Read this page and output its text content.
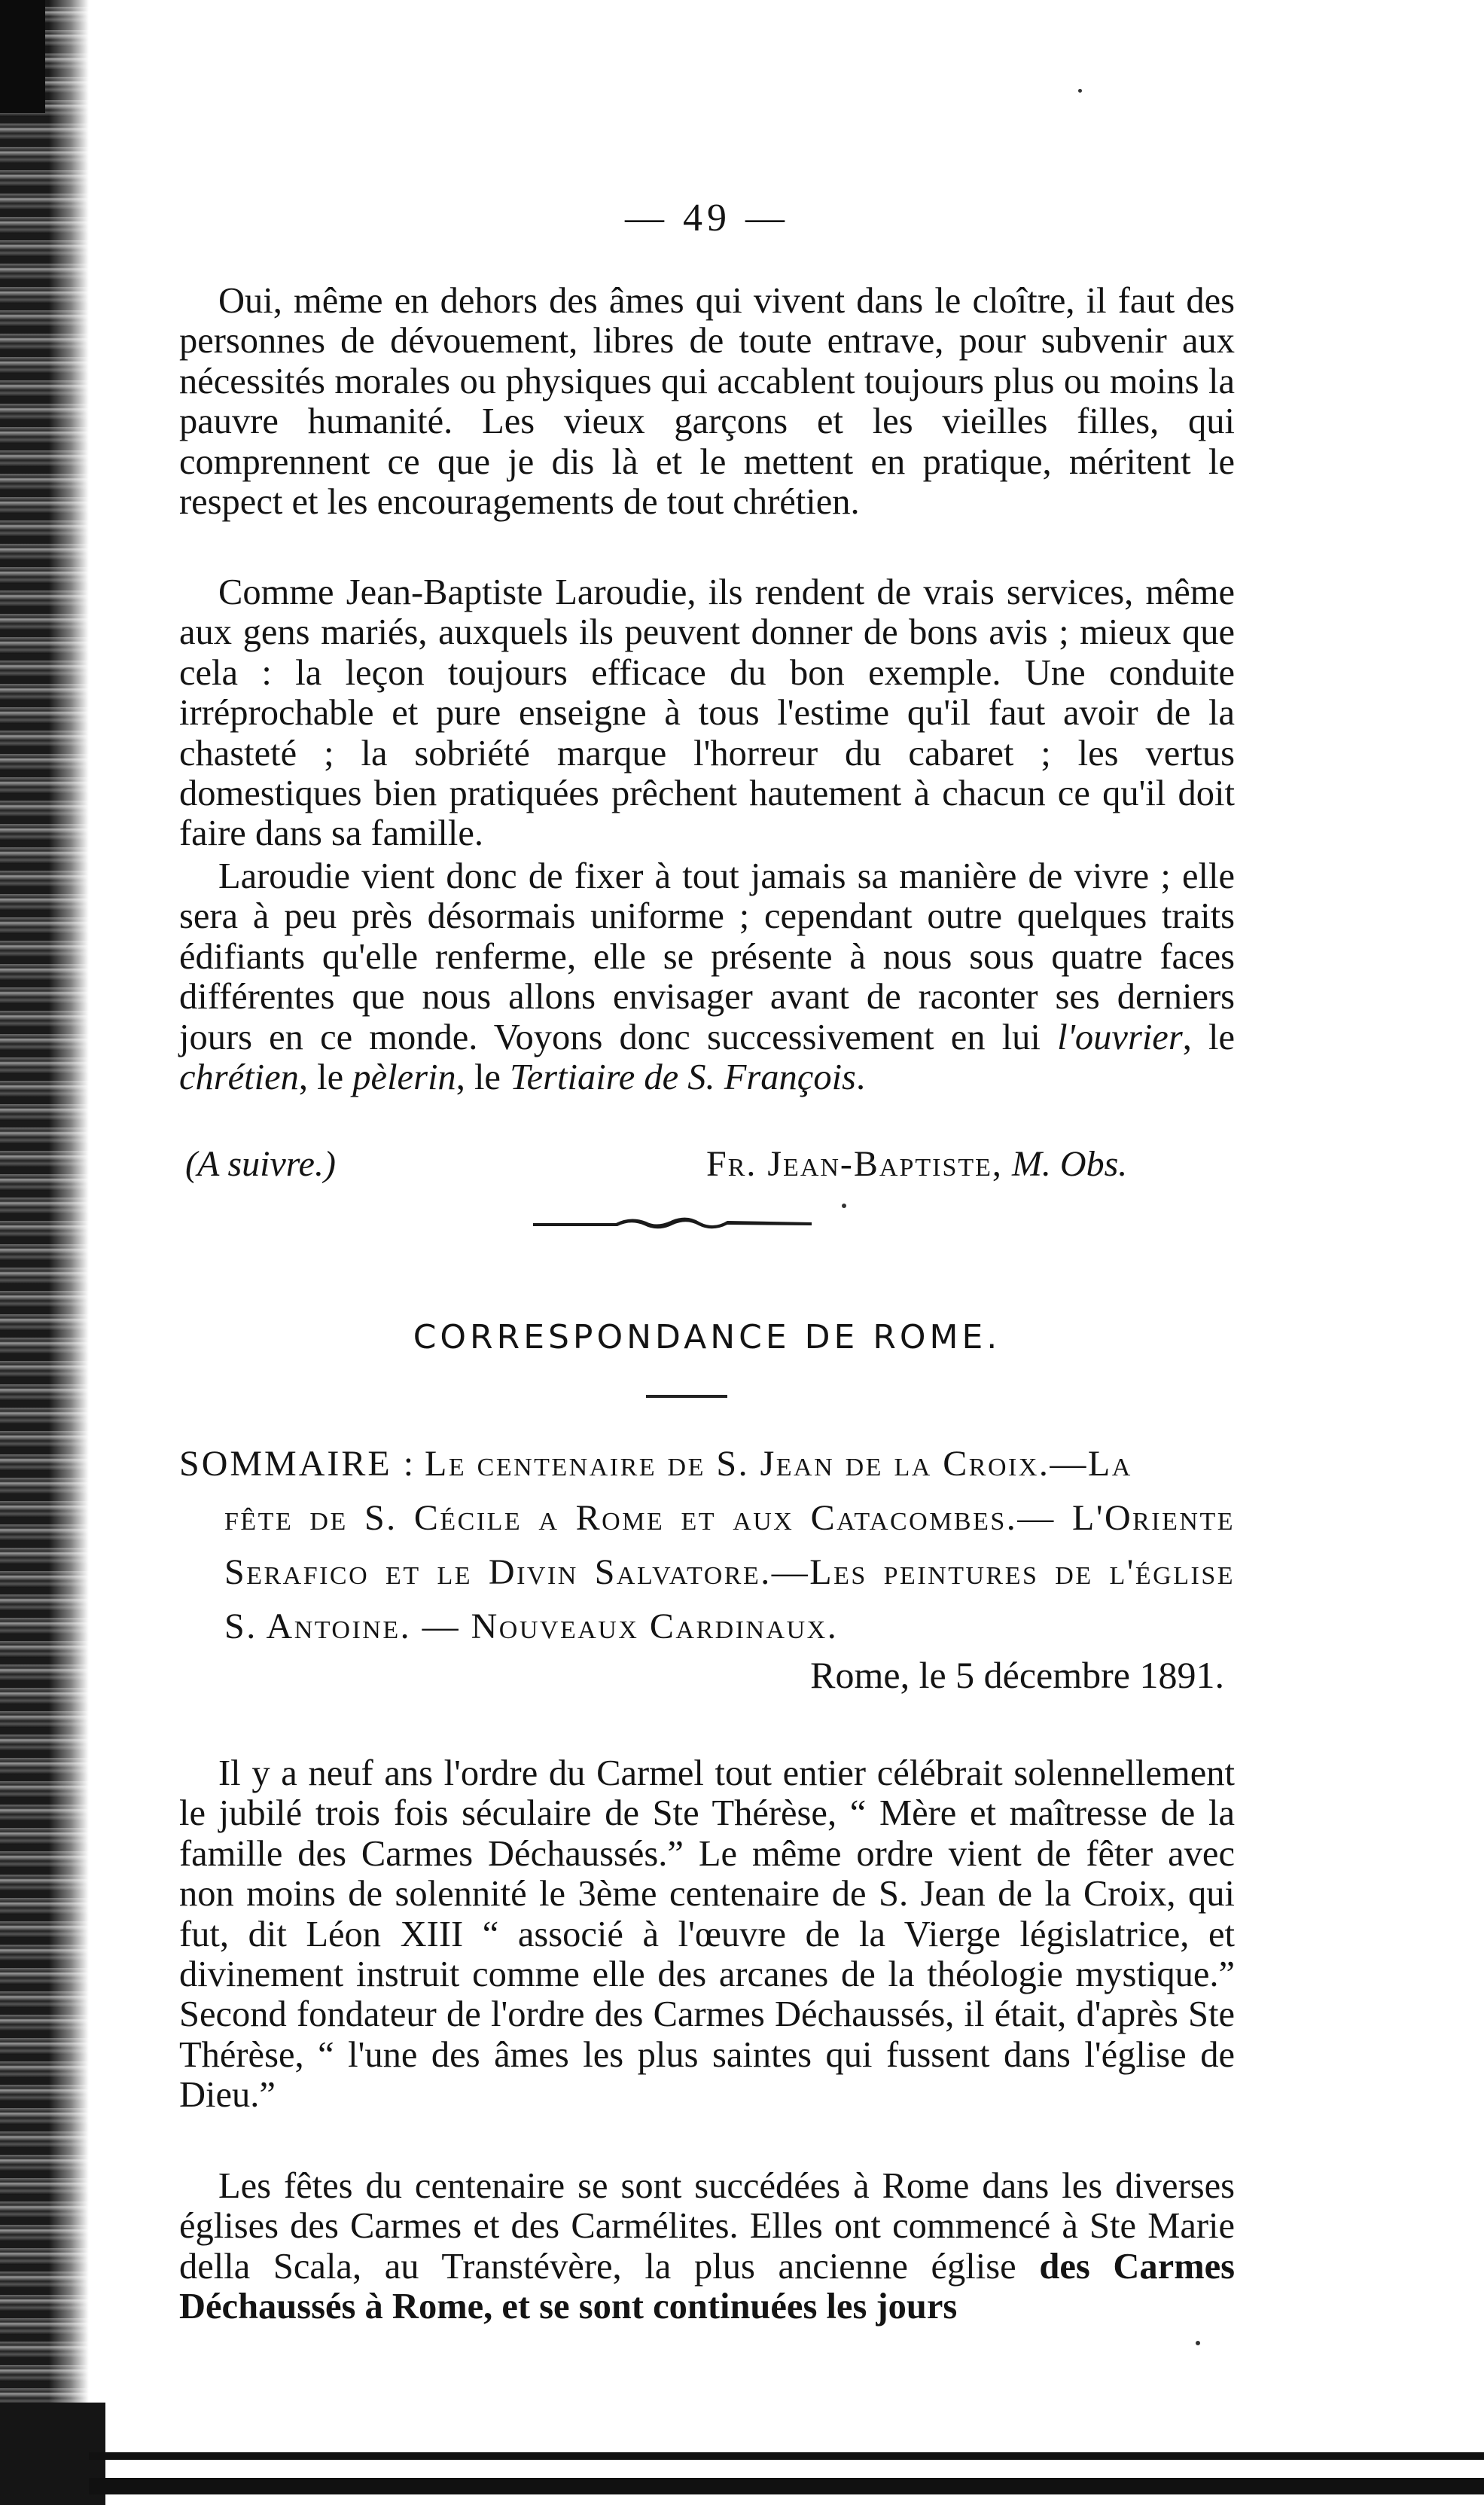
— 49 —

Oui, même en dehors des âmes qui vivent dans le cloître, il faut des personnes de dévouement, libres de toute entrave, pour subvenir aux nécessités morales ou physiques qui accablent toujours plus ou moins la pauvre humanité. Les vieux garçons et les vieilles filles, qui comprennent ce que je dis là et le mettent en pratique, méritent le respect et les encouragements de tout chrétien.

Comme Jean-Baptiste Laroudie, ils rendent de vrais services, même aux gens mariés, auxquels ils peuvent donner de bons avis ; mieux que cela : la leçon toujours efficace du bon exemple. Une conduite irréprochable et pure enseigne à tous l'estime qu'il faut avoir de la chasteté ; la sobriété marque l'horreur du cabaret ; les vertus domestiques bien pratiquées prêchent hautement à chacun ce qu'il doit faire dans sa famille.

Laroudie vient donc de fixer à tout jamais sa manière de vivre ; elle sera à peu près désormais uniforme ; cependant outre quelques traits édifiants qu'elle renferme, elle se présente à nous sous quatre faces différentes que nous allons envisager avant de raconter ses derniers jours en ce monde. Voyons donc successivement en lui l'ouvrier, le chrétien, le pèlerin, le Tertiaire de S. François.

(A suivre.)	Fr. Jean-Baptiste, M. Obs.
CORRESPONDANCE DE ROME.
SOMMAIRE : Le centenaire de S. Jean de la Croix.—La
fête de S. Cécile a Rome et aux Catacombes.— L'Oriente Serafico et le Divin Salvatore.—Les peintures de l'église S. Antoine. — Nouveaux Cardinaux.
Rome, le 5 décembre 1891.

Il y a neuf ans l'ordre du Carmel tout entier célébrait solennellement le jubilé trois fois séculaire de Ste Thérèse, “ Mère et maîtresse de la famille des Carmes Déchaussés.” Le même ordre vient de fêter avec non moins de solennité le 3ème centenaire de S. Jean de la Croix, qui fut, dit Léon XIII “ associé à l'œuvre de la Vierge législatrice, et divinement instruit comme elle des arcanes de la théologie mystique.” Second fondateur de l'ordre des Carmes Déchaussés, il était, d'après Ste Thérèse, “ l'une des âmes les plus saintes qui fussent dans l'église de Dieu.”

Les fêtes du centenaire se sont succédées à Rome dans les diverses églises des Carmes et des Carmélites. Elles ont commencé à Ste Marie della Scala, au Transtévère, la plus ancienne église des Carmes Déchaussés à Rome, et se sont continuées les jours
